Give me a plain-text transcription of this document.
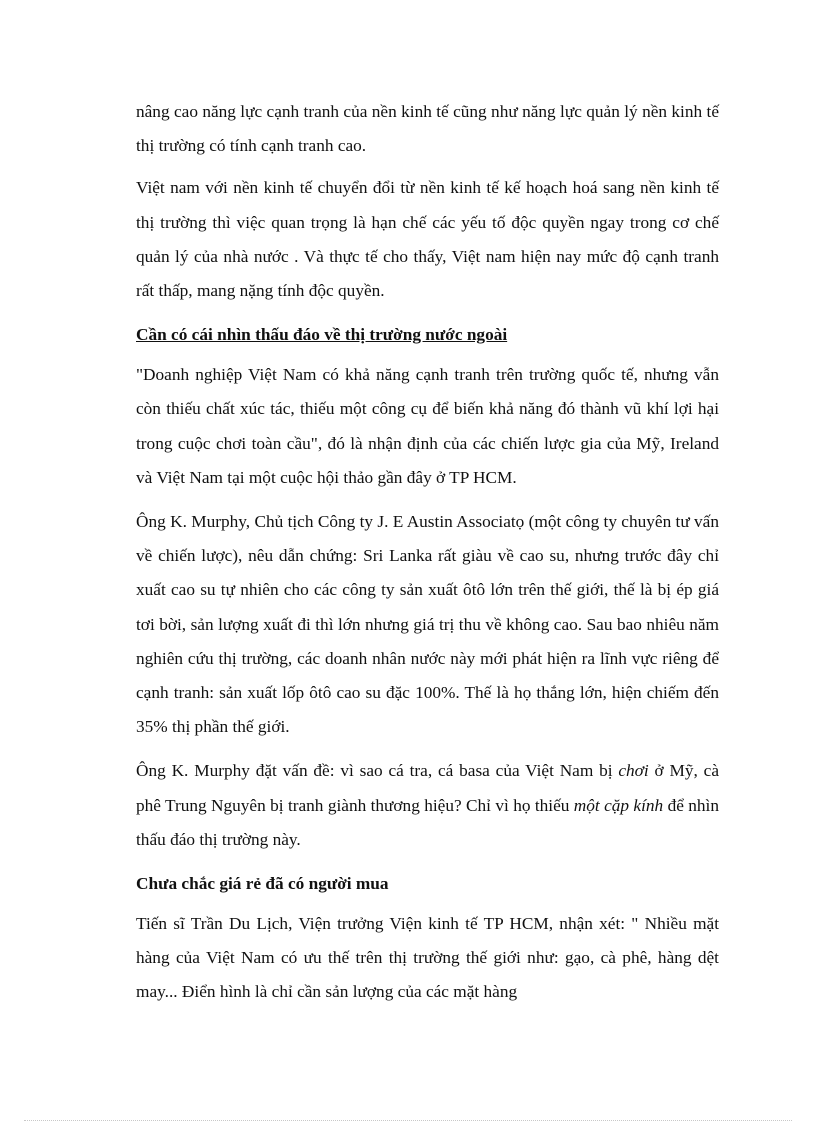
nâng cao năng lực cạnh tranh của nền kinh tế cũng như năng lực quản lý nền kinh tế thị trường có tính cạnh tranh cao.

Việt nam với nền kinh tế chuyển đổi từ nền kinh tế kế hoạch hoá sang nền kinh tế thị trường thì việc quan trọng là hạn chế các yếu tố độc quyền ngay trong cơ chế quản lý của nhà nước . Và thực tế cho thấy, Việt nam hiện nay mức độ cạnh tranh rất thấp, mang nặng tính độc quyền.

Cần có cái nhìn thấu đáo về thị trường nước ngoài

"Doanh nghiệp Việt Nam có khả năng cạnh tranh trên trường quốc tế, nhưng vẫn còn thiếu chất xúc tác, thiếu một công cụ để biến khả năng đó thành vũ khí lợi hại trong cuộc chơi toàn cầu", đó là nhận định của các chiến lược gia của Mỹ, Ireland và Việt Nam tại một cuộc hội thảo gần đây ở TP HCM.

Ông K. Murphy, Chủ tịch Công ty J. E Austin Associatọ (một công ty chuyên tư vấn về chiến lược), nêu dẫn chứng: Sri Lanka rất giàu về cao su, nhưng trước đây chỉ xuất cao su tự nhiên cho các công ty sản xuất ôtô lớn trên thế giới, thế là bị ép giá tơi bời, sản lượng xuất đi thì lớn nhưng giá trị thu về không cao. Sau bao nhiêu năm nghiên cứu thị trường, các doanh nhân nước này mới phát hiện ra lĩnh vực riêng để cạnh tranh: sản xuất lốp ôtô cao su đặc 100%. Thế là họ thắng lớn, hiện chiếm đến 35% thị phần thế giới.

Ông K. Murphy đặt vấn đề: vì sao cá tra, cá basa của Việt Nam bị chơi ở Mỹ, cà phê Trung Nguyên bị tranh giành thương hiệu? Chỉ vì họ thiếu một cặp kính để nhìn thấu đáo thị trường này.

Chưa chắc giá rẻ đã có người mua

Tiến sĩ Trần Du Lịch, Viện trưởng Viện kinh tế TP HCM, nhận xét: " Nhiều mặt hàng của Việt Nam có ưu thế trên thị trường thế giới như: gạo, cà phê, hàng dệt may... Điển hình là chỉ cần sản lượng của các mặt hàng
